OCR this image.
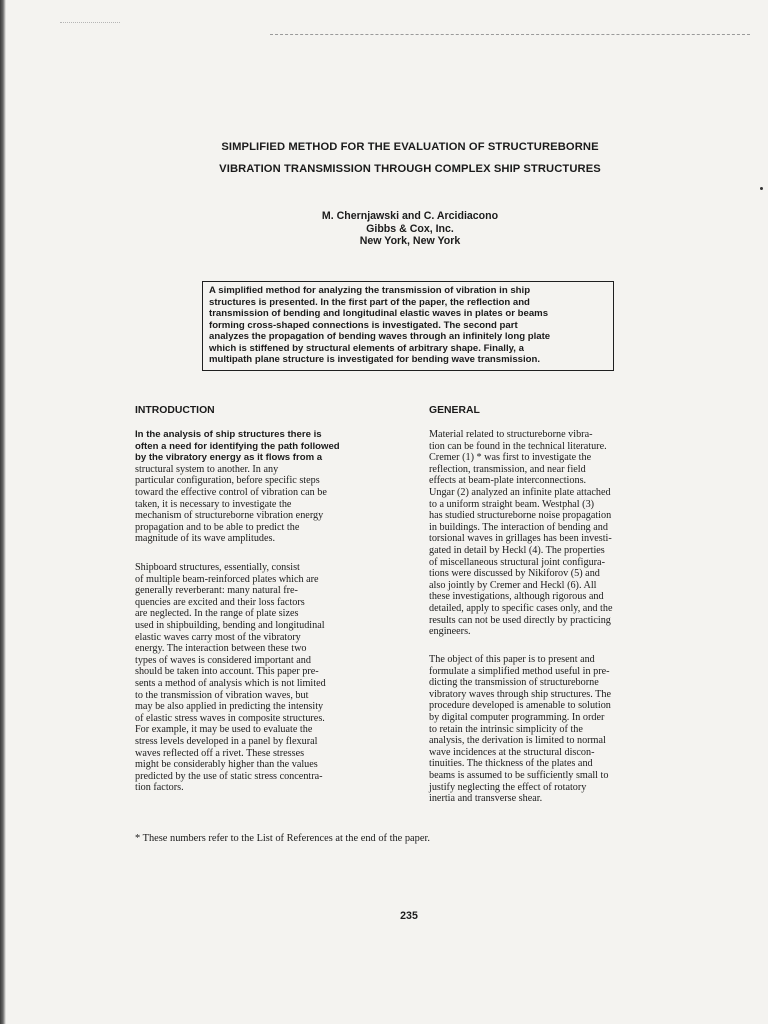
SIMPLIFIED METHOD FOR THE EVALUATION OF STRUCTUREBORNE
VIBRATION TRANSMISSION THROUGH COMPLEX SHIP STRUCTURES
M. Chernjawski and C. Arcidiacono
Gibbs & Cox, Inc.
New York, New York
A simplified method for analyzing the transmission of vibration in ship
structures is presented. In the first part of the paper, the reflection and
transmission of bending and longitudinal elastic waves in plates or beams
forming cross-shaped connections is investigated. The second part
analyzes the propagation of bending waves through an infinitely long plate
which is stiffened by structural elements of arbitrary shape. Finally, a
multipath plane structure is investigated for bending wave transmission.
INTRODUCTION	GENERAL
In the analysis of ship structures there is
often a need for identifying the path followed
by the vibratory energy as it flows from a
structural system to another. In any
particular configuration, before specific steps
toward the effective control of vibration can be
taken, it is necessary to investigate the
mechanism of structureborne vibration energy
propagation and to be able to predict the
magnitude of its wave amplitudes.
Shipboard structures, essentially, consist
of multiple beam-reinforced plates which are
generally reverberant: many natural fre-
quencies are excited and their loss factors
are neglected. In the range of plate sizes
used in shipbuilding, bending and longitudinal
elastic waves carry most of the vibratory
energy. The interaction between these two
types of waves is considered important and
should be taken into account. This paper pre-
sents a method of analysis which is not limited
to the transmission of vibration waves, but
may be also applied in predicting the intensity
of elastic stress waves in composite structures.
For example, it may be used to evaluate the
stress levels developed in a panel by flexural
waves reflected off a rivet. These stresses
might be considerably higher than the values
predicted by the use of static stress concentra-
tion factors.
Material related to structureborne vibra-
tion can be found in the technical literature.
Cremer (1) * was first to investigate the
reflection, transmission, and near field
effects at beam-plate interconnections.
Ungar (2) analyzed an infinite plate attached
to a uniform straight beam. Westphal (3)
has studied structureborne noise propagation
in buildings. The interaction of bending and
torsional waves in grillages has been investi-
gated in detail by Heckl (4). The properties
of miscellaneous structural joint configura-
tions were discussed by Nikiforov (5) and
also jointly by Cremer and Heckl (6). All
these investigations, although rigorous and
detailed, apply to specific cases only, and the
results can not be used directly by practicing
engineers.
The object of this paper is to present and
formulate a simplified method useful in pre-
dicting the transmission of structureborne
vibratory waves through ship structures. The
procedure developed is amenable to solution
by digital computer programming. In order
to retain the intrinsic simplicity of the
analysis, the derivation is limited to normal
wave incidences at the structural discon-
tinuities. The thickness of the plates and
beams is assumed to be sufficiently small to
justify neglecting the effect of rotatory
inertia and transverse shear.
* These numbers refer to the List of References at the end of the paper.
235
